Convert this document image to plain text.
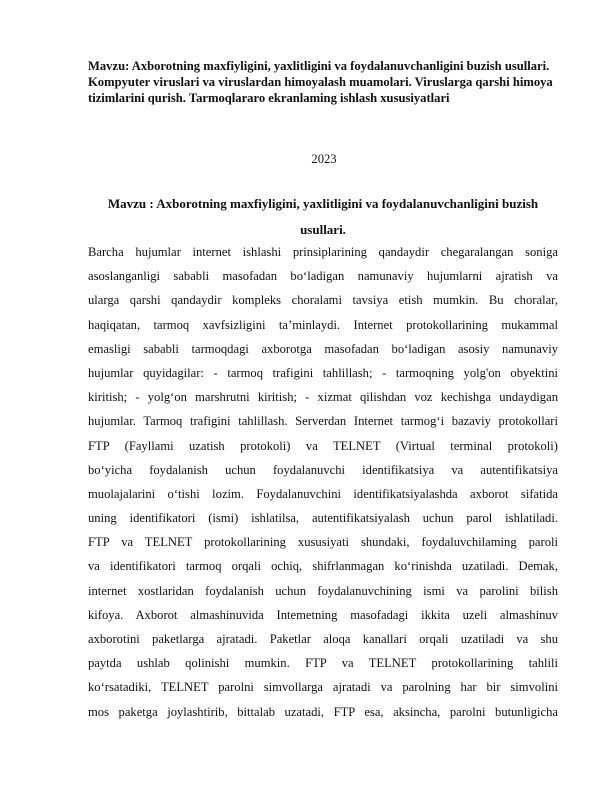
Mavzu: Axborotning maxfiyligini, yaxlitligini va foydalanuvchanligini buzish usullari. Kompyuter viruslari va viruslardan himoyalash muamolari. Viruslarga qarshi himoya tizimlarini qurish. Tarmoqlararo ekranlaming ishlash xususiyatlari
2023
Mavzu : Axborotning maxfiyligini, yaxlitligini va foydalanuvchanligini buzish usullari.
Barcha hujumlar internet ishlashi prinsiplarining qandaydir chegaralangan soniga
asoslanganligi sababli masofadan bo‘ladigan namunaviy hujumlarni ajratish va
ularga qarshi qandaydir kompleks choralami tavsiya etish mumkin. Bu choralar,
haqiqatan, tarmoq xavfsizligini ta’minlaydi. Internet protokollarining mukammal
emasligi sababli tarmoqdagi axborotga masofadan bo‘ladigan asosiy namunaviy
hujumlar quyidagilar: - tarmoq trafigini tahlillash; - tarmoqning yolg'on obyektini
kiritish; - yolg‘on marshrutni kiritish; - xizmat qilishdan voz kechishga undaydigan
hujumlar. Tarmoq trafigini tahlillash. Serverdan Internet tarmog‘i bazaviy protokollari
FTP (Fayllami uzatish protokoli) va TELNET (Virtual terminal protokoli)
bo‘yicha foydalanish uchun foydalanuvchi identifikatsiya va autentifikatsiya
muolajalarini o‘tishi lozim. Foydalanuvchini identifikatsiyalashda axborot sifatida
uning identifikatori (ismi) ishlatilsa, autentifikatsiyalash uchun parol ishlatiladi.
FTP va TELNET protokollarining xususiyati shundaki, foydaluvchilaming paroli
va identifikatori tarmoq orqali ochiq, shifrlanmagan ko‘rinishda uzatiladi. Demak,
internet xostlaridan foydalanish uchun foydalanuvchining ismi va parolini bilish
kifoya. Axborot almashinuvida Intemetning masofadagi ikkita uzeli almashinuv
axborotini paketlarga ajratadi. Paketlar aloqa kanallari orqali uzatiladi va shu
paytda ushlab qolinishi mumkin. FTP va TELNET protokollarining tahlili
ko‘rsatadiki, TELNET parolni simvollarga ajratadi va parolning har bir simvolini
mos paketga joylashtirib, bittalab uzatadi, FTP esa, aksincha, parolni butunligicha
